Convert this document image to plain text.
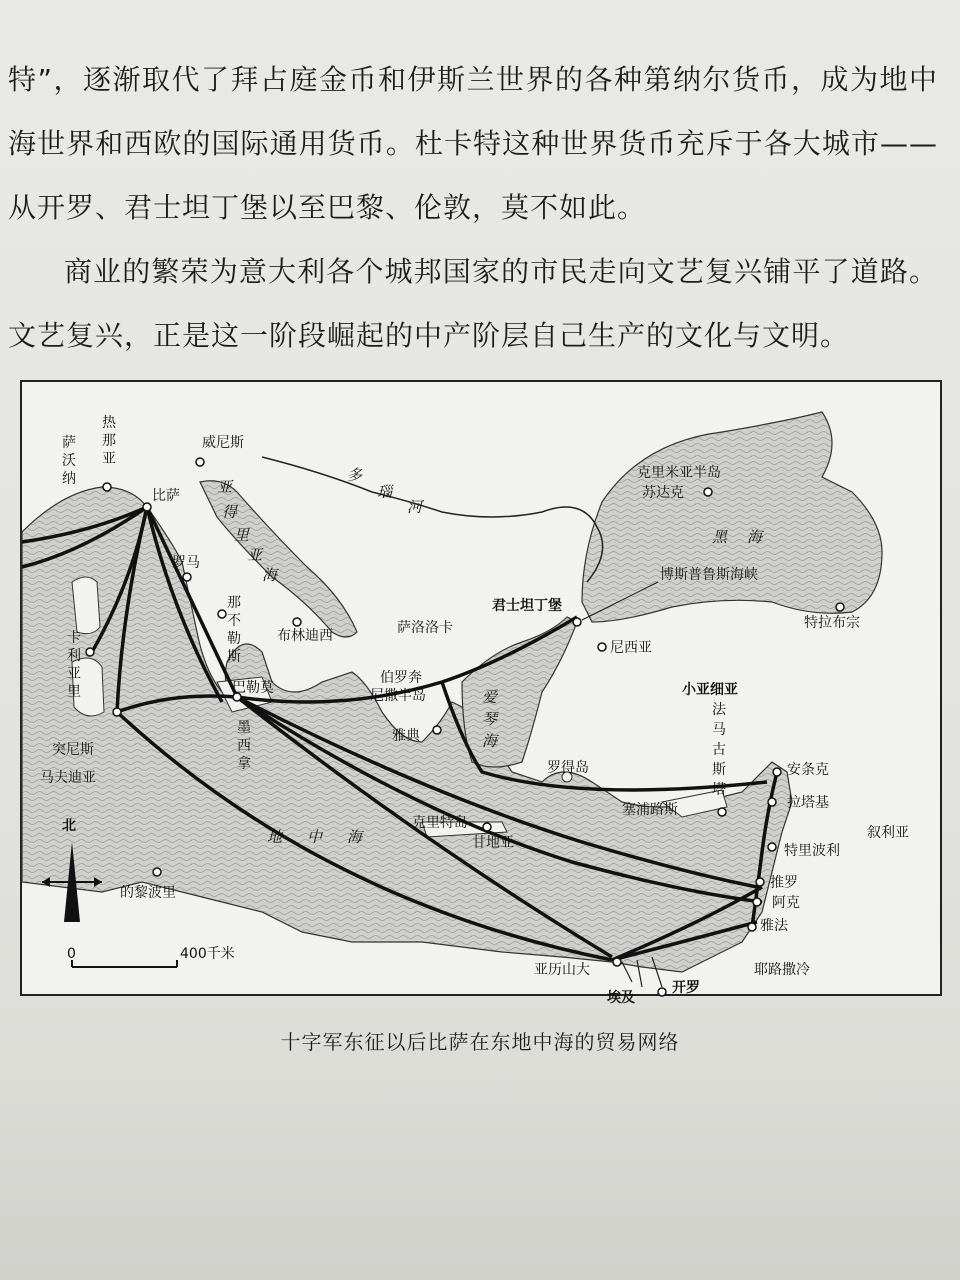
特”，逐渐取代了拜占庭金币和伊斯兰世界的各种第纳尔货币，成为地中海世界和西欧的国际通用货币。杜卡特这种世界货币充斥于各大城市——从开罗、君士坦丁堡以至巴黎、伦敦，莫不如此。
商业的繁荣为意大利各个城邦国家的市民走向文艺复兴铺平了道路。文艺复兴，正是这一阶段崛起的中产阶层自己生产的文化与文明。
萨
沃
纳
热
那
亚
威尼斯
比萨
罗马
卡
利
亚
里
布林迪西
那
不
勒
斯
巴勒莫
墨
西
拿
突尼斯
马夫迪亚
的黎波里
萨洛洛卡
伯罗奔
尼撒半岛
雅典
克里特岛
甘地亚
罗得岛
塞浦路斯
君士坦丁堡
博斯普鲁斯海峡
尼西亚
克里米亚半岛
苏达克
特拉布宗
小亚细亚
法
马
古
斯
塔
安条克
拉塔基
叙利亚
特里波利
推罗
阿克
雅法
耶路撒冷
亚历山大
埃及
开罗
多
瑙
河
亚
得
里
亚
海
黑 海
爱
琴
海
地 中 海
北
0	400千米
十字军东征以后比萨在东地中海的贸易网络
